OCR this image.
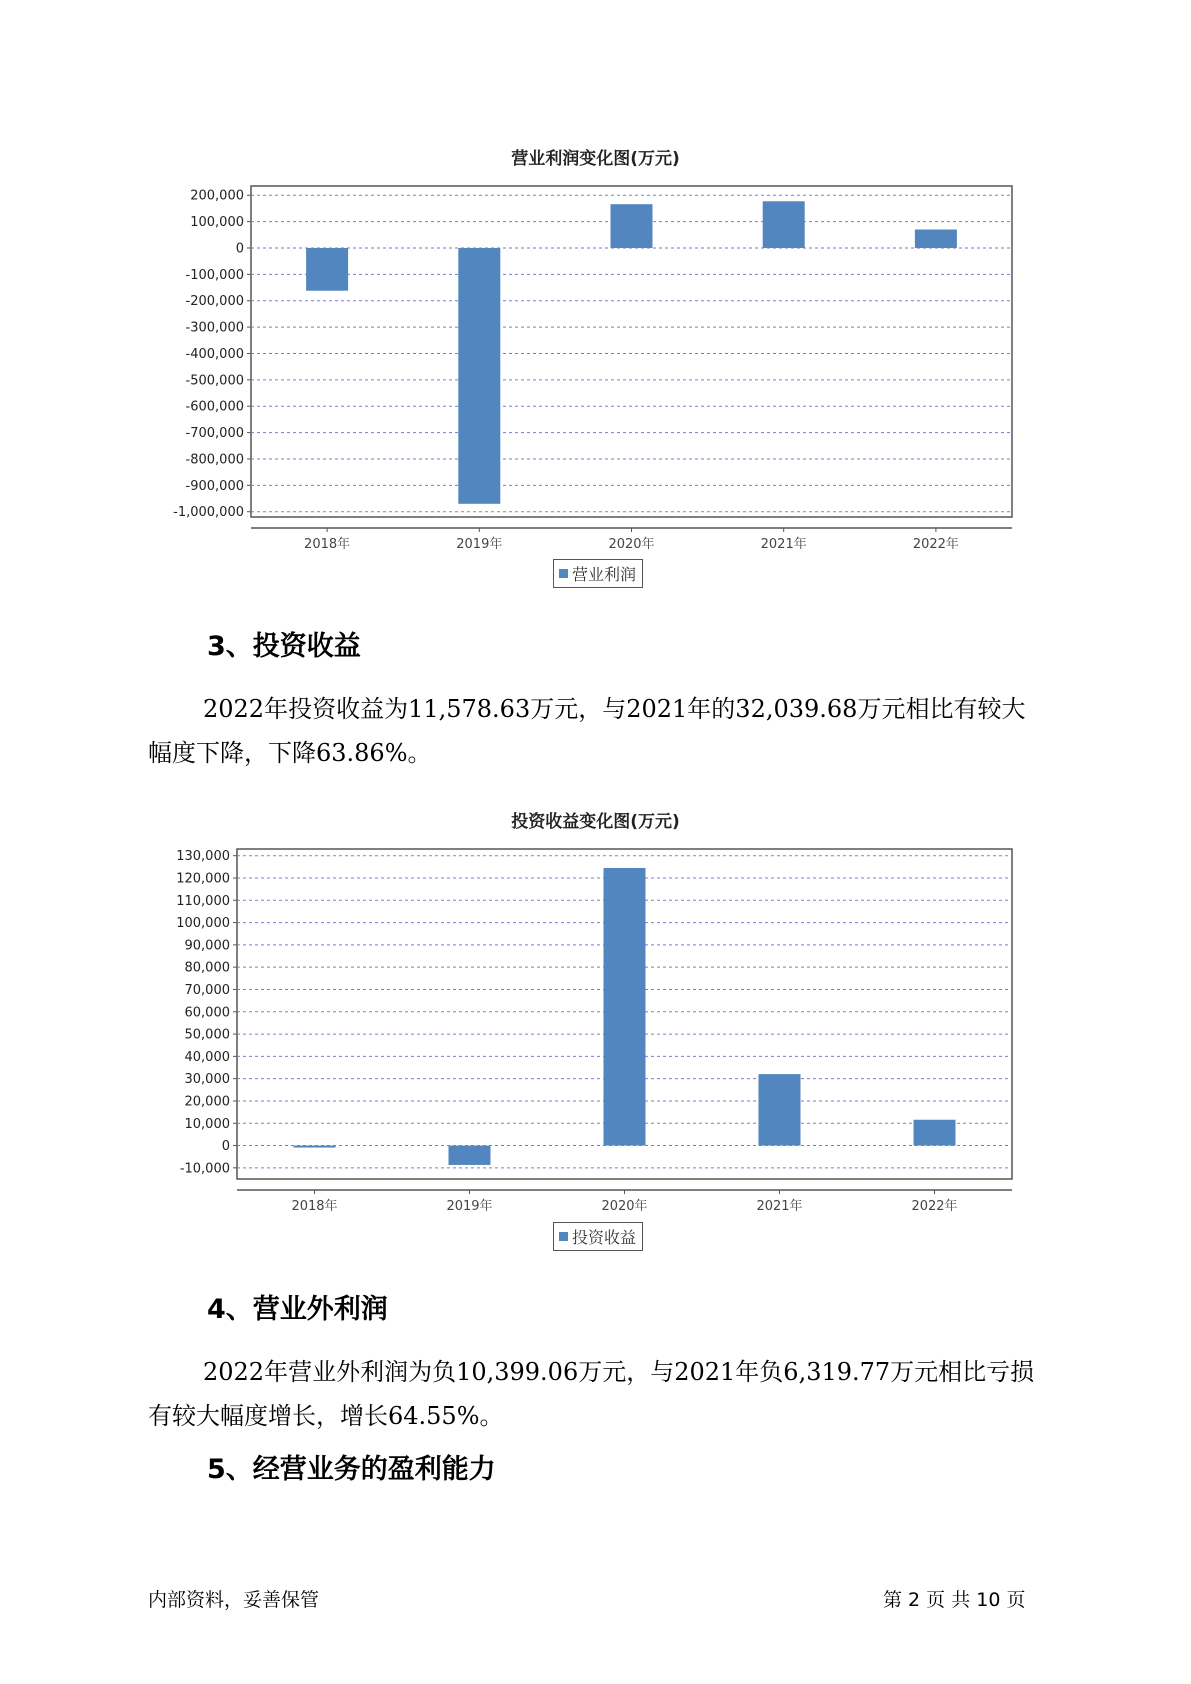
营业利润变化图(万元)
200,000
100,000
0
-100,000
-200,000
-300,000
-400,000
-500,000
-600,000
-700,000
-800,000
-900,000
-1,000,000
2018年	2019年	2020年	2021年	2022年
营业利润
3、投资收益
2022年投资收益为11,578.63万元，与2021年的32,039.68万元相比有较大幅度下降，下降63.86%。
投资收益变化图(万元)
130,000
120,000
110,000
100,000
90,000
80,000
70,000
60,000
50,000
40,000
30,000
20,000
10,000
0
-10,000
2018年	2019年	2020年	2021年	2022年
投资收益
4、营业外利润
2022年营业外利润为负10,399.06万元，与2021年负6,319.77万元相比亏损有较大幅度增长，增长64.55%。
5、经营业务的盈利能力
内部资料，妥善保管	第 2 页 共 10 页
